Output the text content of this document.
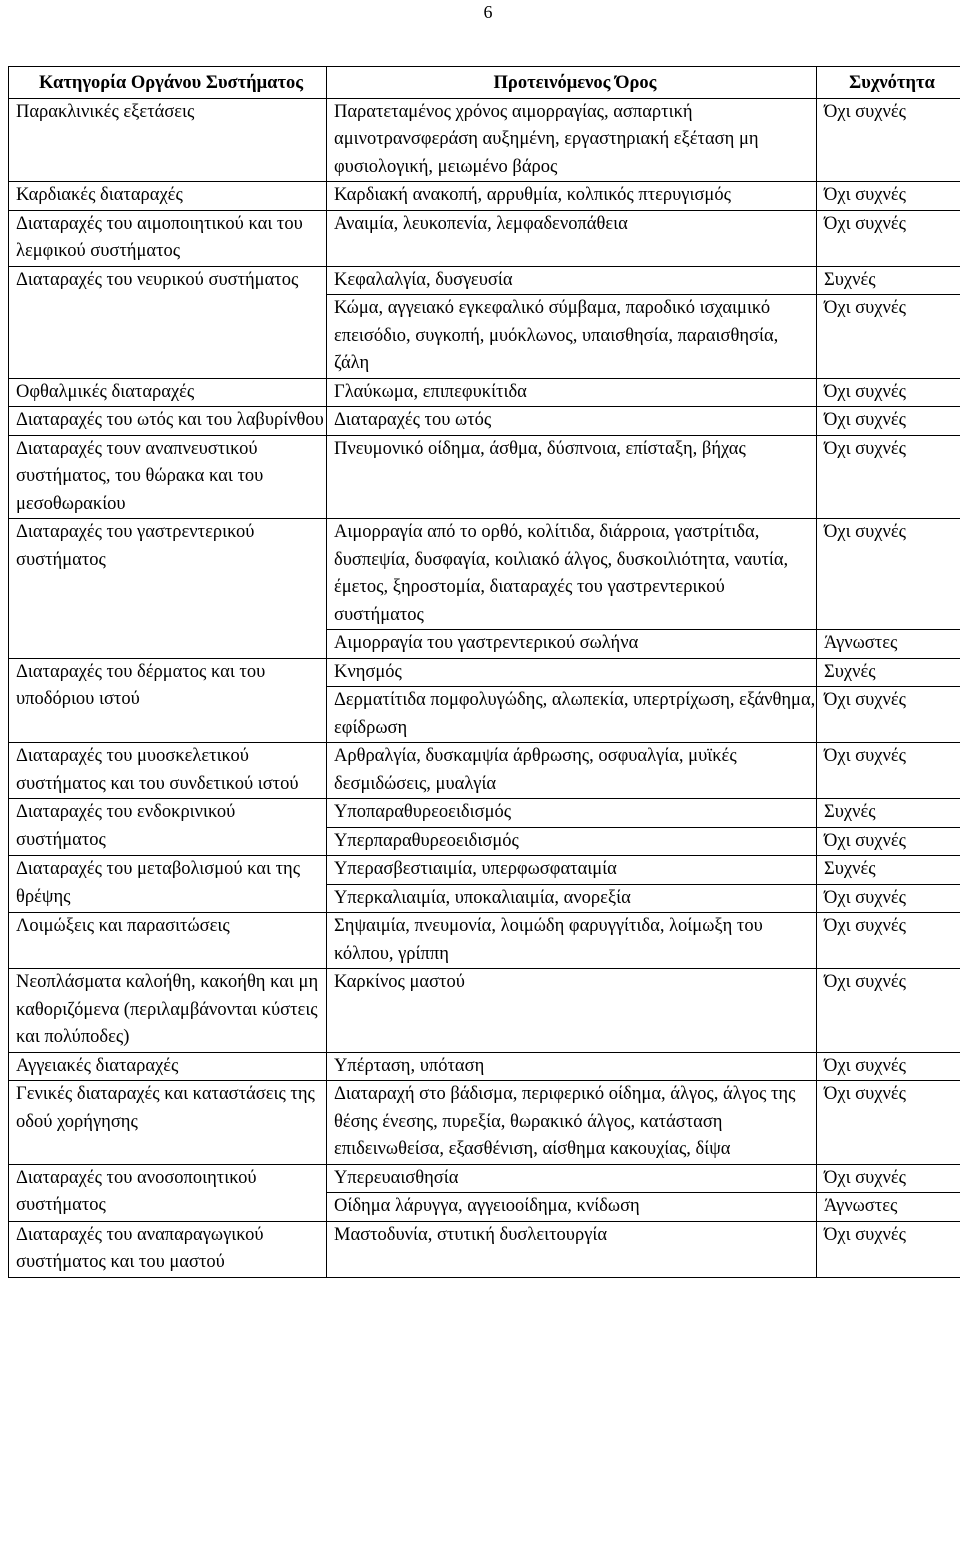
6
Κατηγορία Οργάνου Συστήματος	Προτεινόμενος Όρος	Συχνότητα
Παρακλινικές εξετάσεις	Παρατεταμένος χρόνος αιμορραγίας, ασπαρτική αμινοτρανσφεράση αυξημένη, εργαστηριακή εξέταση μη φυσιολογική, μειωμένο βάρος	Όχι συχνές
Καρδιακές διαταραχές	Καρδιακή ανακοπή, αρρυθμία, κολπικός πτερυγισμός	Όχι συχνές
Διαταραχές του αιμοποιητικού και του λεμφικού συστήματος	Αναιμία, λευκοπενία, λεμφαδενοπάθεια	Όχι συχνές
Διαταραχές του νευρικού συστήματος	Κεφαλαλγία, δυσγευσία	Συχνές
	Κώμα, αγγειακό εγκεφαλικό σύμβαμα, παροδικό ισχαιμικό επεισόδιο, συγκοπή, μυόκλωνος, υπαισθησία, παραισθησία, ζάλη	Όχι συχνές
Οφθαλμικές διαταραχές	Γλαύκωμα, επιπεφυκίτιδα	Όχι συχνές
Διαταραχές του ωτός και του λαβυρίνθου	Διαταραχές του ωτός	Όχι συχνές
Διαταραχές τουν αναπνευστικού συστήματος, του θώρακα και του μεσοθωρακίου	Πνευμονικό οίδημα, άσθμα, δύσπνοια, επίσταξη, βήχας	Όχι συχνές
Διαταραχές του γαστρεντερικού συστήματος	Αιμορραγία από το ορθό, κολίτιδα, διάρροια, γαστρίτιδα, δυσπεψία, δυσφαγία, κοιλιακό άλγος, δυσκοιλιότητα, ναυτία, έμετος, ξηροστομία, διαταραχές του γαστρεντερικού συστήματος	Όχι συχνές
	Αιμορραγία του γαστρεντερικού σωλήνα	Άγνωστες
Διαταραχές του δέρματος και του υποδόριου ιστού	Κνησμός	Συχνές
	Δερματίτιδα πομφολυγώδης, αλωπεκία, υπερτρίχωση, εξάνθημα, εφίδρωση	Όχι συχνές
Διαταραχές του μυοσκελετικού συστήματος και του συνδετικού ιστού	Αρθραλγία, δυσκαμψία άρθρωσης, οσφυαλγία, μυϊκές δεσμιδώσεις, μυαλγία	Όχι συχνές
Διαταραχές του ενδοκρινικού συστήματος	Υποπαραθυρεοειδισμός	Συχνές
	Υπερπαραθυρεοειδισμός	Όχι συχνές
Διαταραχές του μεταβολισμού και της θρέψης	Υπερασβεστιαιμία, υπερφωσφαταιμία	Συχνές
	Υπερκαλιαιμία, υποκαλιαιμία, ανορεξία	Όχι συχνές
Λοιμώξεις και παρασιτώσεις	Σηψαιμία, πνευμονία, λοιμώδη φαρυγγίτιδα, λοίμωξη του κόλπου, γρίππη	Όχι συχνές
Νεοπλάσματα καλοήθη, κακοήθη και μη καθοριζόμενα (περιλαμβάνονται κύστεις και πολύποδες)	Καρκίνος μαστού	Όχι συχνές
Αγγειακές διαταραχές	Υπέρταση, υπόταση	Όχι συχνές
Γενικές διαταραχές και καταστάσεις της οδού χορήγησης	Διαταραχή στο βάδισμα, περιφερικό οίδημα, άλγος, άλγος της θέσης ένεσης, πυρεξία, θωρακικό άλγος, κατάσταση επιδεινωθείσα, εξασθένιση, αίσθημα κακουχίας, δίψα	Όχι συχνές
Διαταραχές του ανοσοποιητικού συστήματος	Υπερευαισθησία	Όχι συχνές
	Οίδημα λάρυγγα, αγγειοοίδημα, κνίδωση	Άγνωστες
Διαταραχές του αναπαραγωγικού συστήματος και του μαστού	Μαστοδυνία, στυτική δυσλειτουργία	Όχι συχνές
